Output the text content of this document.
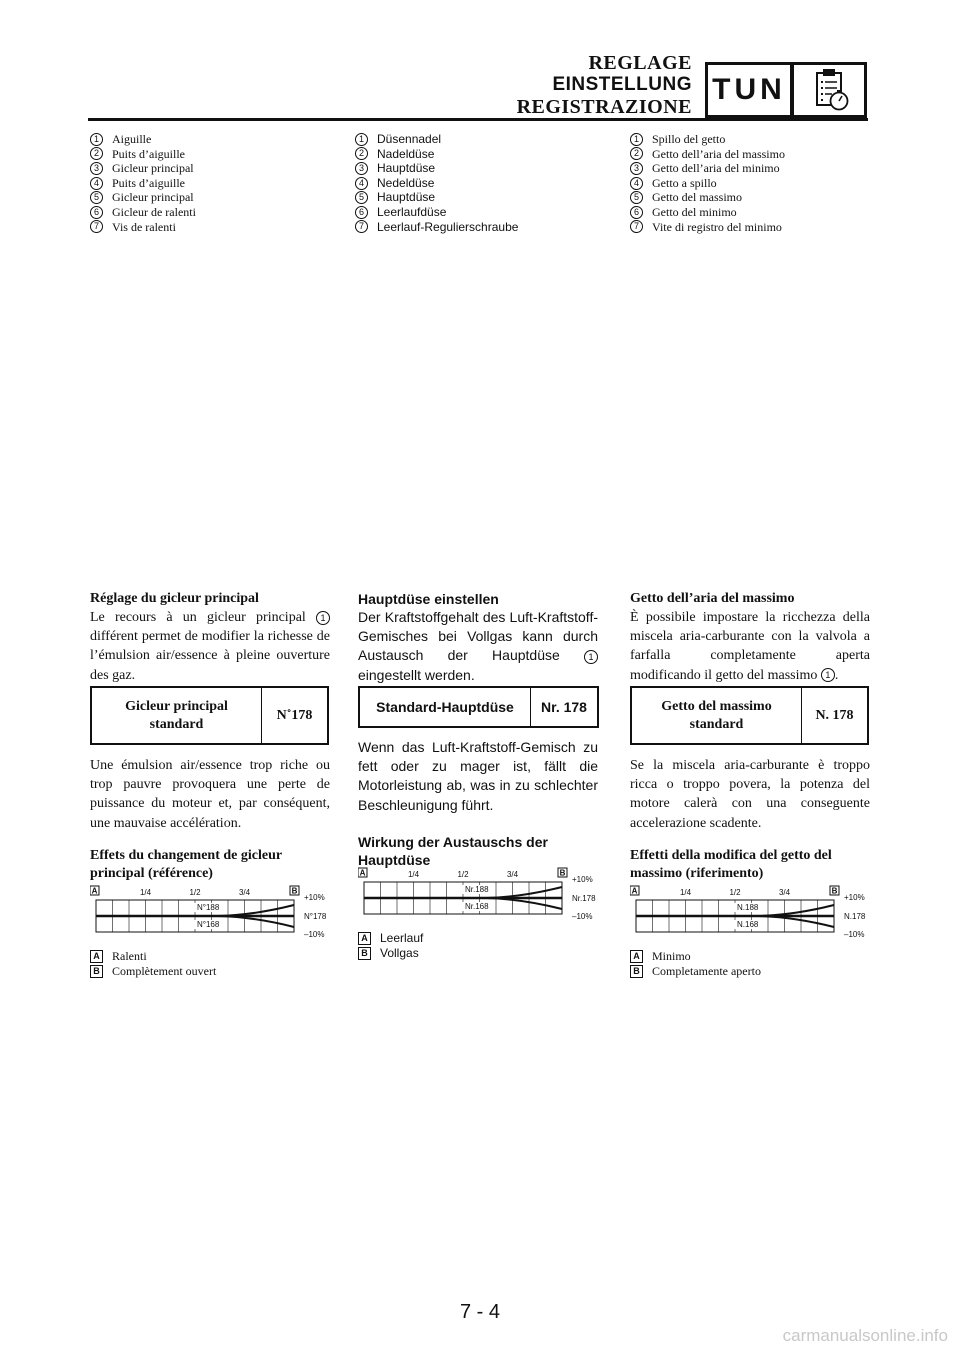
REGLAGE
EINSTELLUNG
REGISTRAZIONE
TUN
1	Aiguille
2	Puits d’aiguille
3	Gicleur principal
4	Puits d’aiguille
5	Gicleur principal
6	Gicleur de ralenti
7	Vis de ralenti
1	Düsennadel
2	Nadeldüse
3	Hauptdüse
4	Nedeldüse
5	Hauptdüse
6	Leerlaufdüse
7	Leerlauf-Regulierschraube
1	Spillo del getto
2	Getto dell’aria del massimo
3	Getto dell’aria del minimo
4	Getto a spillo
5	Getto del massimo
6	Getto del minimo
7	Vite di registro del minimo
Réglage du gicleur principal
Le recours à un gicleur principal 1 différent permet de modifier la richesse de l’émulsion air/essence à pleine ouverture des gaz.
Gicleur principal standard
N˚178
Une émulsion air/essence trop riche ou trop pauvre provoquera une perte de puissance du moteur et, par conséquent, une mauvaise accélération.
Effets du changement de gicleur principal (référence)
A	B
1/4	1/2	3/4
N°188
N°168
+10%
N°178
–10%
A Ralenti
B Complètement ouvert
Hauptdüse einstellen
Der Kraftstoffgehalt des Luft-Kraftstoff-Gemisches bei Vollgas kann durch Austausch der Hauptdüse	1 eingestellt werden.
Standard-Hauptdüse	Nr. 178
Wenn das Luft-Kraftstoff-Gemisch zu fett oder zu mager ist, fällt die Motorleistung ab, was in zu schlechter Beschleunigung führt.
Wirkung der Austauschs der Hauptdüse
A	B
1/4	1/2	3/4
Nr.188
Nr.168
+10%
Nr.178
–10%
A Leerlauf
B Vollgas
Getto dell’aria del massimo
È possibile impostare la ricchezza della miscela aria-carburante con la valvola a farfalla completamente aperta modificando il getto del massimo 1 .
Getto del massimo standard
N. 178
Se la miscela aria-carburante è troppo ricca o troppo povera, la potenza del motore calerà con una conseguente accelerazione scadente.
Effetti della modifica del getto del massimo (riferimento)
A	B
1/4	1/2	3/4
N.188
N.168
+10%
N.178
–10%
A Minimo
B Completamente aperto
7 - 4
carmanualsonline.info
